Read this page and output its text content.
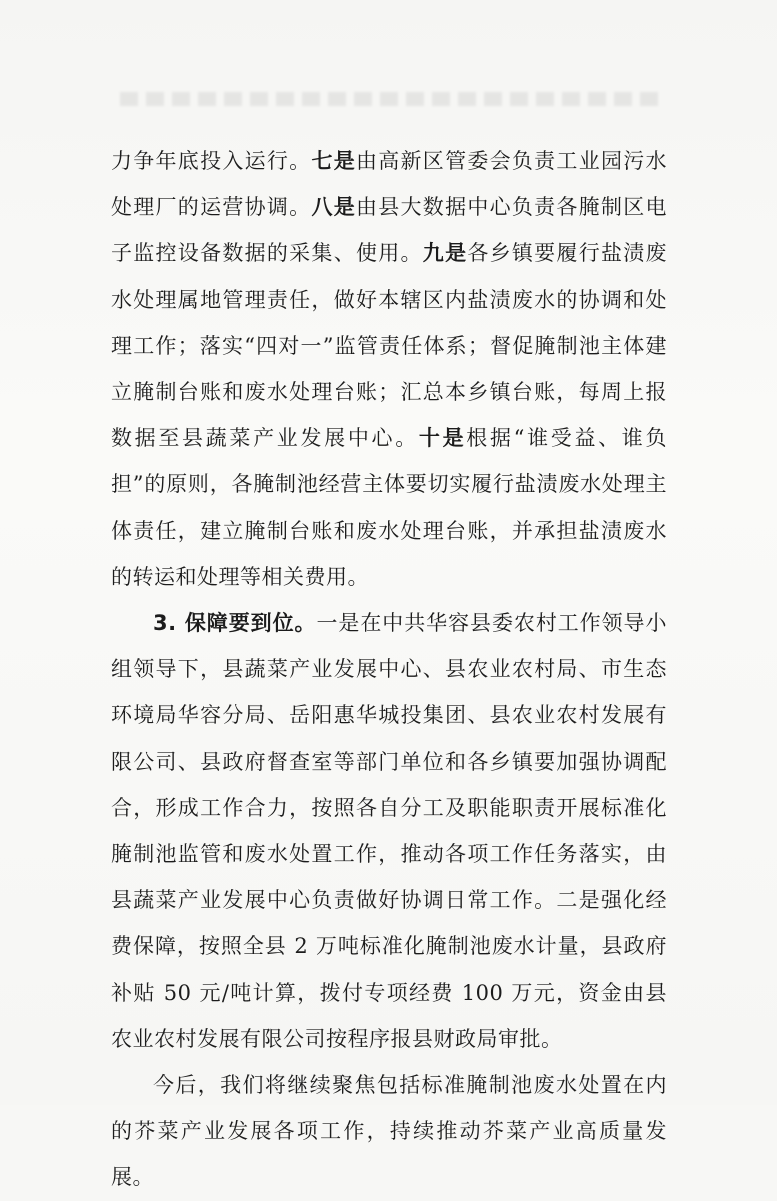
力争年底投入运行。七是由高新区管委会负责工业园污水处理厂的运营协调。八是由县大数据中心负责各腌制区电子监控设备数据的采集、使用。九是各乡镇要履行盐渍废水处理属地管理责任，做好本辖区内盐渍废水的协调和处理工作；落实“四对一”监管责任体系；督促腌制池主体建立腌制台账和废水处理台账；汇总本乡镇台账，每周上报数据至县蔬菜产业发展中心。十是根据“谁受益、谁负担”的原则，各腌制池经营主体要切实履行盐渍废水处理主体责任，建立腌制台账和废水处理台账，并承担盐渍废水的转运和处理等相关费用。

3. 保障要到位。一是在中共华容县委农村工作领导小组领导下，县蔬菜产业发展中心、县农业农村局、市生态环境局华容分局、岳阳惠华城投集团、县农业农村发展有限公司、县政府督查室等部门单位和各乡镇要加强协调配合，形成工作合力，按照各自分工及职能职责开展标准化腌制池监管和废水处置工作，推动各项工作任务落实，由县蔬菜产业发展中心负责做好协调日常工作。二是强化经费保障，按照全县 2 万吨标准化腌制池废水计量，县政府补贴 50 元/吨计算，拨付专项经费 100 万元，资金由县农业农村发展有限公司按程序报县财政局审批。

今后，我们将继续聚焦包括标准腌制池废水处置在内的芥菜产业发展各项工作，持续推动芥菜产业高质量发展。
